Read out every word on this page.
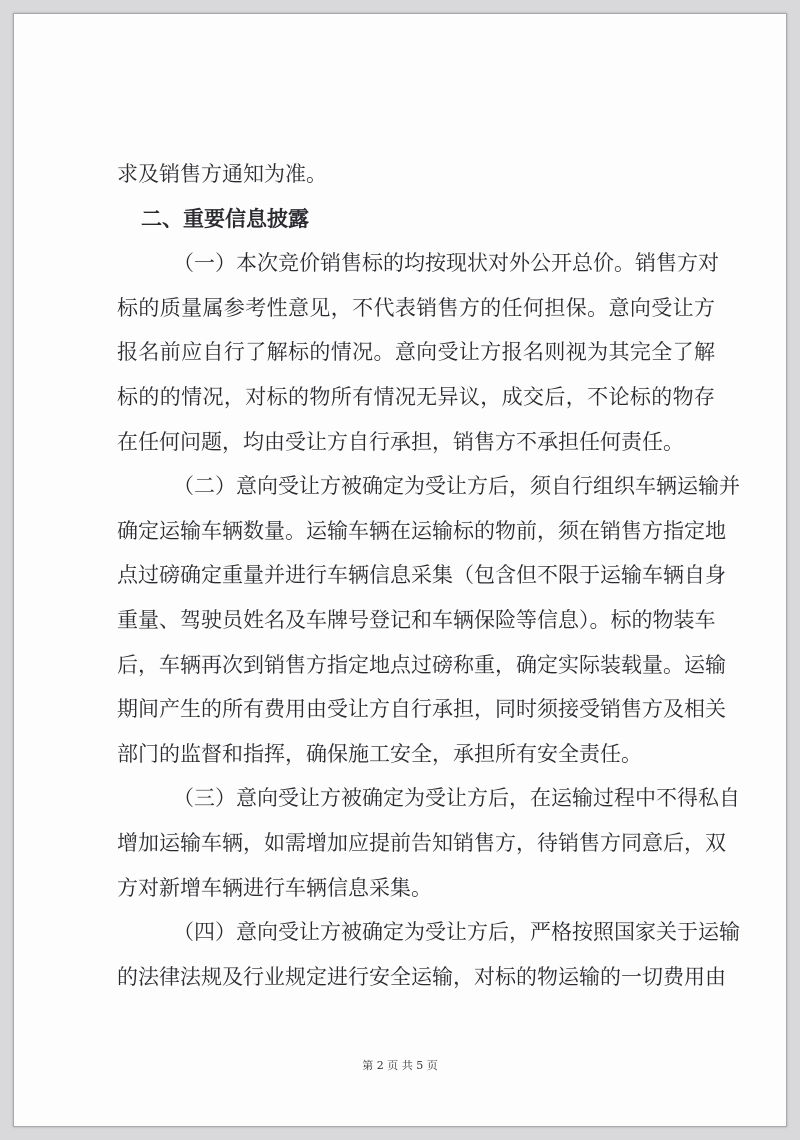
求及销售方通知为准。
二、重要信息披露
（一）本次竞价销售标的均按现状对外公开总价。销售方对
标的质量属参考性意见，不代表销售方的任何担保。意向受让方
报名前应自行了解标的情况。意向受让方报名则视为其完全了解
标的的情况，对标的物所有情况无异议，成交后，不论标的物存
在任何问题，均由受让方自行承担，销售方不承担任何责任。
（二）意向受让方被确定为受让方后，须自行组织车辆运输并
确定运输车辆数量。运输车辆在运输标的物前，须在销售方指定地
点过磅确定重量并进行车辆信息采集（包含但不限于运输车辆自身
重量、驾驶员姓名及车牌号登记和车辆保险等信息）。标的物装车
后，车辆再次到销售方指定地点过磅称重，确定实际装载量。运输
期间产生的所有费用由受让方自行承担，同时须接受销售方及相关
部门的监督和指挥，确保施工安全，承担所有安全责任。
（三）意向受让方被确定为受让方后，在运输过程中不得私自
增加运输车辆，如需增加应提前告知销售方，待销售方同意后，双
方对新增车辆进行车辆信息采集。
（四）意向受让方被确定为受让方后，严格按照国家关于运输
的法律法规及行业规定进行安全运输，对标的物运输的一切费用由
第 2 页 共 5 页
